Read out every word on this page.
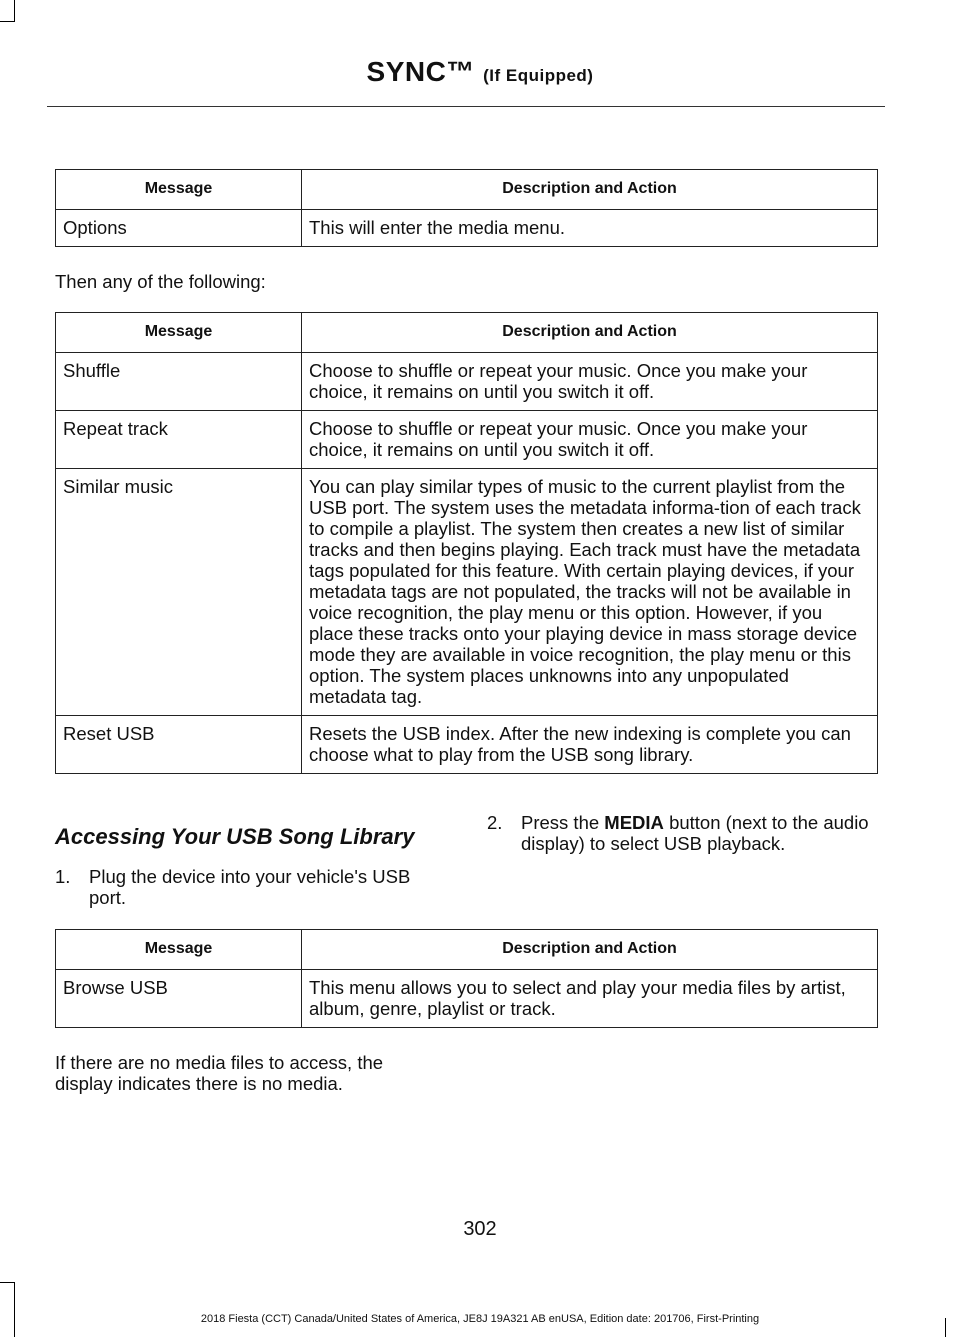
SYNC™ (If Equipped)
Message	Description and Action
Options	This will enter the media menu.
Then any of the following:
Message	Description and Action
Shuffle	Choose to shuffle or repeat your music. Once you make your choice, it remains on until you switch it off.
Repeat track	Choose to shuffle or repeat your music. Once you make your choice, it remains on until you switch it off.
Similar music	You can play similar types of music to the current playlist from the USB port. The system uses the metadata informa-tion of each track to compile a playlist. The system then creates a new list of similar tracks and then begins playing. Each track must have the metadata tags populated for this feature. With certain playing devices, if your metadata tags are not populated, the tracks will not be available in voice recognition, the play menu or this option. However, if you place these tracks onto your playing device in mass storage device mode they are available in voice recognition, the play menu or this option. The system places unknowns into any unpopulated metadata tag.
Reset USB	Resets the USB index. After the new indexing is complete you can choose what to play from the USB song library.
Accessing Your USB Song Library
1. Plug the device into your vehicle's USB port.
2. Press the MEDIA button (next to the audio display) to select USB playback.
Message	Description and Action
Browse USB	This menu allows you to select and play your media files by artist, album, genre, playlist or track.
If there are no media files to access, the display indicates there is no media.
302
2018 Fiesta (CCT) Canada/United States of America, JE8J 19A321 AB enUSA, Edition date: 201706, First-Printing
